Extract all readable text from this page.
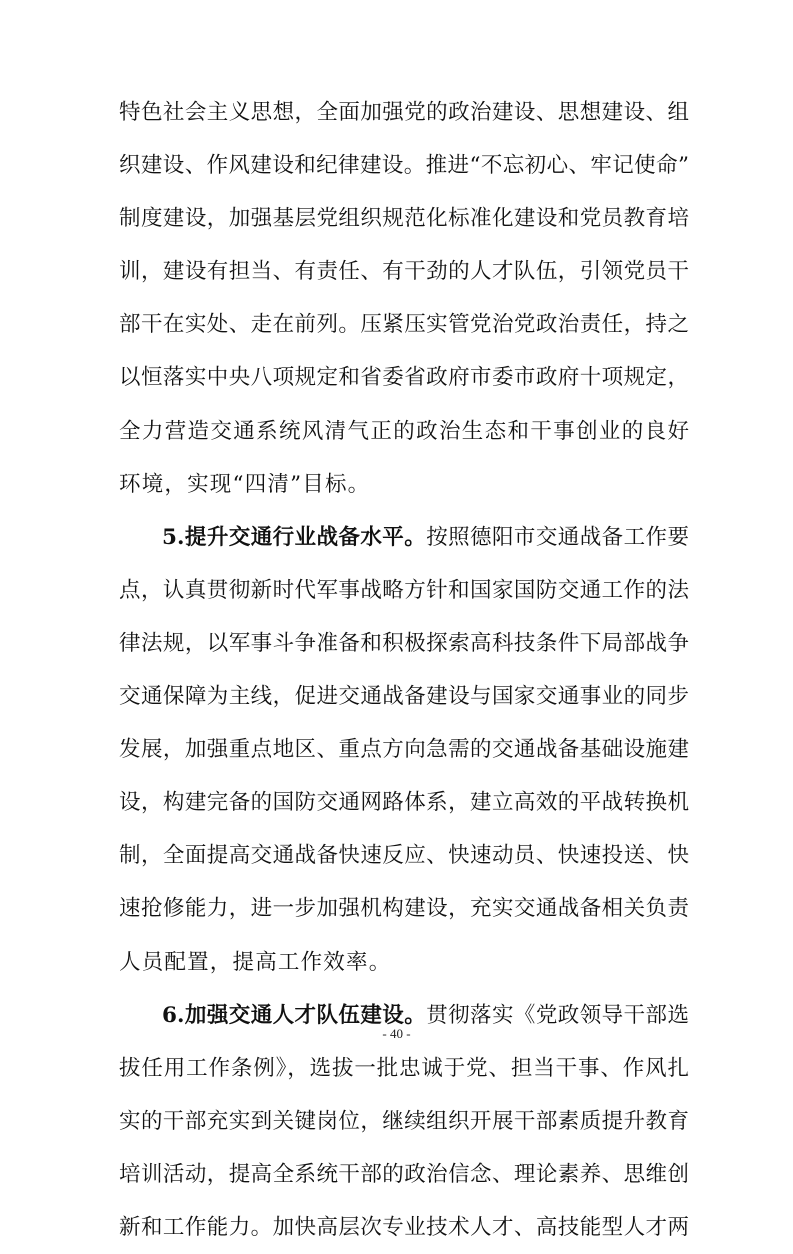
特色社会主义思想，全面加强党的政治建设、思想建设、组
织建设、作风建设和纪律建设。推进“不忘初心、牢记使命”
制度建设，加强基层党组织规范化标准化建设和党员教育培
训，建设有担当、有责任、有干劲的人才队伍，引领党员干
部干在实处、走在前列。压紧压实管党治党政治责任，持之
以恒落实中央八项规定和省委省政府市委市政府十项规定，
全力营造交通系统风清气正的政治生态和干事创业的良好
环境，实现“四清”目标。
5.提升交通行业战备水平。按照德阳市交通战备工作要
点，认真贯彻新时代军事战略方针和国家国防交通工作的法
律法规，以军事斗争准备和积极探索高科技条件下局部战争
交通保障为主线，促进交通战备建设与国家交通事业的同步
发展，加强重点地区、重点方向急需的交通战备基础设施建
设，构建完备的国防交通网路体系，建立高效的平战转换机
制，全面提高交通战备快速反应、快速动员、快速投送、快
速抢修能力，进一步加强机构建设，充实交通战备相关负责
人员配置，提高工作效率。
6.加强交通人才队伍建设。贯彻落实《党政领导干部选
拔任用工作条例》，选拔一批忠诚于党、担当干事、作风扎
实的干部充实到关键岗位，继续组织开展干部素质提升教育
培训活动，提高全系统干部的政治信念、理论素养、思维创
新和工作能力。加快高层次专业技术人才、高技能型人才两
- 40 -
